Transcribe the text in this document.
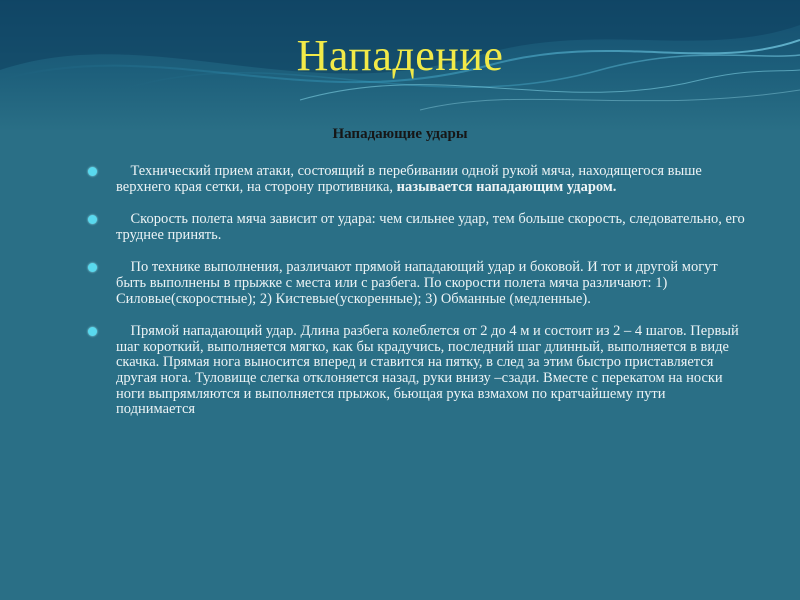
Нападение
Нападающие удары
Технический прием атаки, состоящий в перебивании одной рукой мяча, находящегося выше верхнего края сетки, на сторону противника, называется нападающим ударом.
Скорость полета мяча зависит от удара: чем сильнее удар, тем больше скорость, следовательно, его труднее принять.
По технике выполнения, различают прямой нападающий удар и боковой. И тот и другой могут быть выполнены в прыжке с места или с разбега. По скорости полета мяча различают: 1) Силовые(скоростные); 2) Кистевые(ускоренные); 3) Обманные (медленные).
Прямой нападающий удар. Длина разбега колеблется от 2 до 4 м и состоит из 2 – 4 шагов. Первый шаг короткий, выполняется мягко, как бы крадучись, последний шаг длинный, выполняется в виде скачка. Прямая нога выносится вперед и ставится на пятку, в след за этим быстро приставляется другая нога. Туловище слегка отклоняется назад, руки внизу –сзади. Вместе с перекатом на носки ноги выпрямляются и выполняется прыжок, бьющая рука взмахом по кратчайшему пути поднимается
